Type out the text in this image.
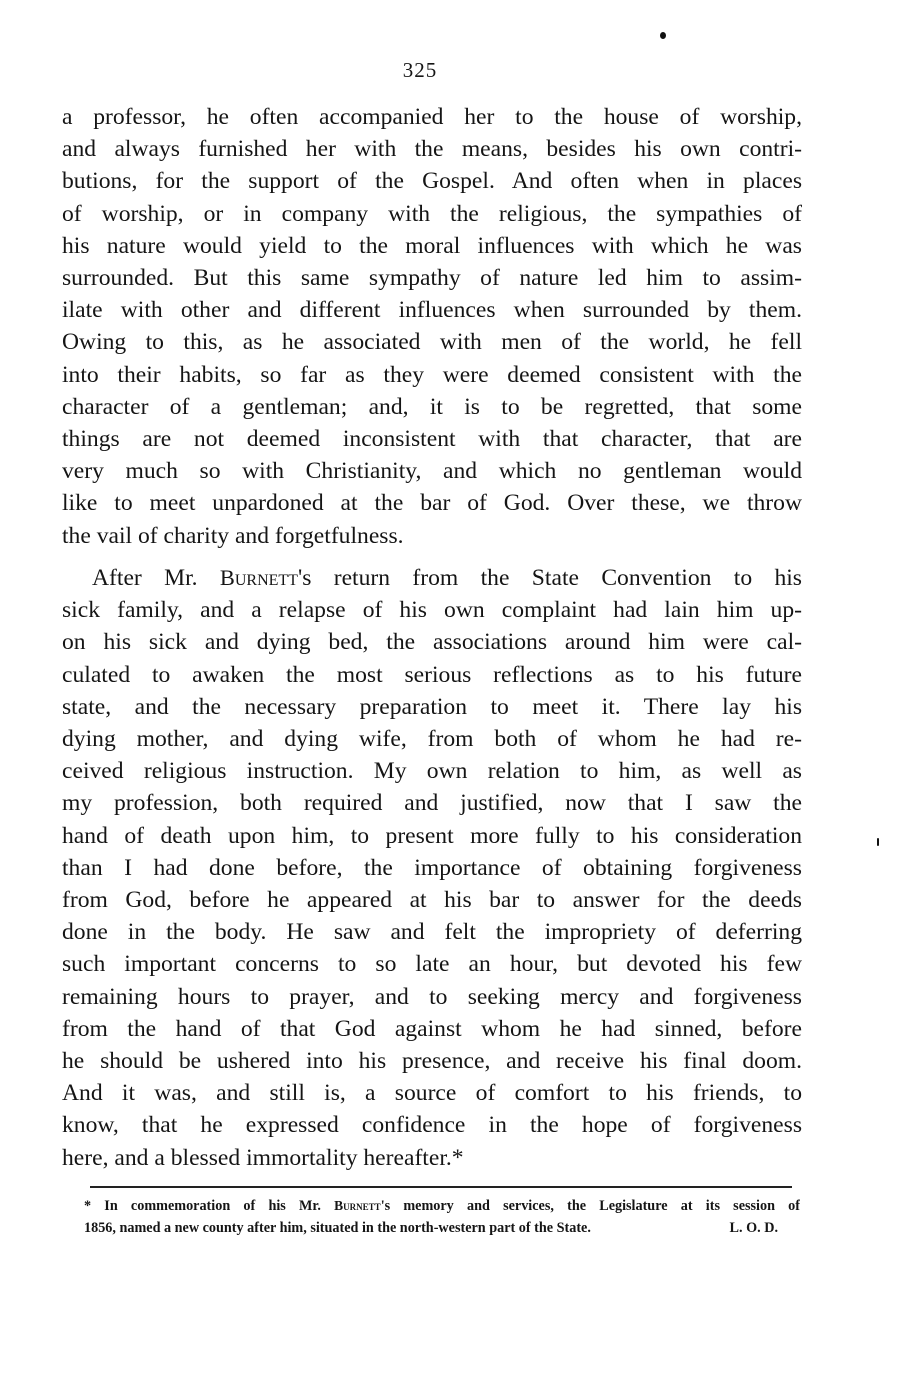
325
a professor, he often accompanied her to the house of worship,
and always furnished her with the means, besides his own contri-
butions, for the support of the Gospel. And often when in places
of worship, or in company with the religious, the sympathies of
his nature would yield to the moral influences with which he was
surrounded. But this same sympathy of nature led him to assim-
ilate with other and different influences when surrounded by them.
Owing to this, as he associated with men of the world, he fell
into their habits, so far as they were deemed consistent with the
character of a gentleman; and, it is to be regretted, that some
things are not deemed inconsistent with that character, that are
very much so with Christianity, and which no gentleman would
like to meet unpardoned at the bar of God. Over these, we throw
the vail of charity and forgetfulness.
After Mr. Burnett's return from the State Convention to his
sick family, and a relapse of his own complaint had lain him up-
on his sick and dying bed, the associations around him were cal-
culated to awaken the most serious reflections as to his future
state, and the necessary preparation to meet it. There lay his
dying mother, and dying wife, from both of whom he had re-
ceived religious instruction. My own relation to him, as well as
my profession, both required and justified, now that I saw the
hand of death upon him, to present more fully to his consideration
than I had done before, the importance of obtaining forgiveness
from God, before he appeared at his bar to answer for the deeds
done in the body. He saw and felt the impropriety of deferring
such important concerns to so late an hour, but devoted his few
remaining hours to prayer, and to seeking mercy and forgiveness
from the hand of that God against whom he had sinned, before
he should be ushered into his presence, and receive his final doom.
And it was, and still is, a source of comfort to his friends, to
know, that he expressed confidence in the hope of forgiveness
here, and a blessed immortality hereafter.*
* In commemoration of his Mr. Burnett's memory and services, the Legislature at its session of
1856, named a new county after him, situated in the north-western part of the State.	L. O. D.
